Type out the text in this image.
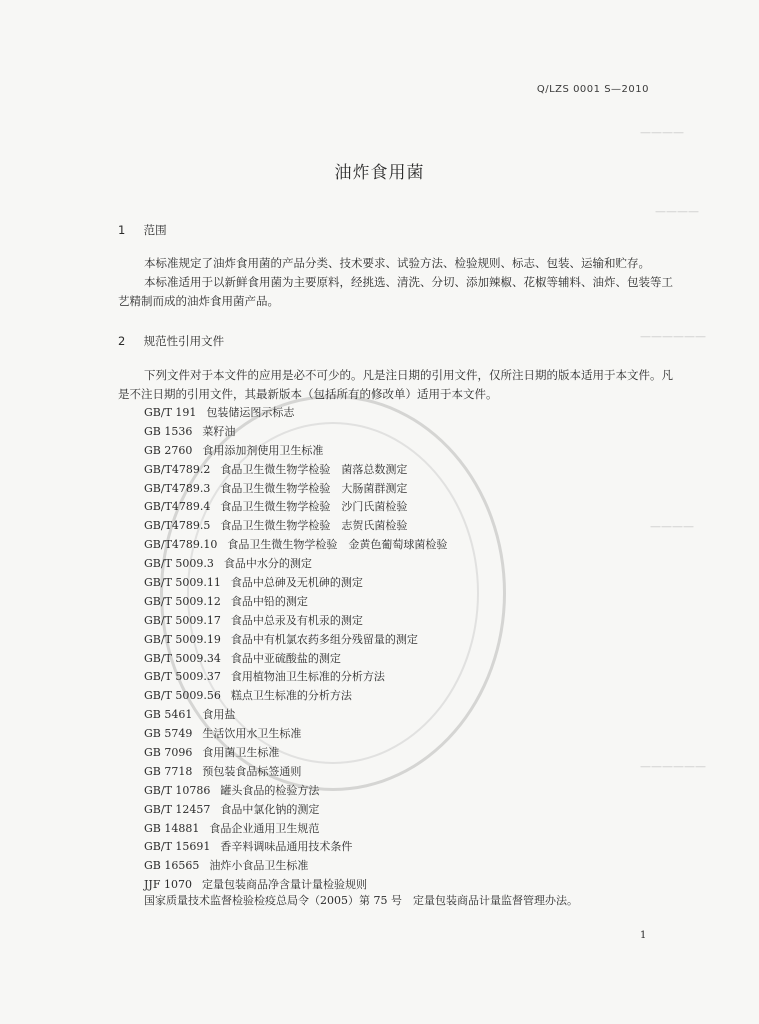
————
————
——————
————
——————
Q/LZS 0001 S—2010
油炸食用菌
1 范围
本标准规定了油炸食用菌的产品分类、技术要求、试验方法、检验规则、标志、包装、运输和贮存。
本标准适用于以新鲜食用菌为主要原料，经挑选、清洗、分切、添加辣椒、花椒等辅料、油炸、包装等工艺精制而成的油炸食用菌产品。
2 规范性引用文件
下列文件对于本文件的应用是必不可少的。凡是注日期的引用文件，仅所注日期的版本适用于本文件。凡是不注日期的引用文件，其最新版本（包括所有的修改单）适用于本文件。
GB/T 191 包装储运图示标志
GB 1536 菜籽油
GB 2760 食用添加剂使用卫生标准
GB/T4789.2 食品卫生微生物学检验　菌落总数测定
GB/T4789.3 食品卫生微生物学检验　大肠菌群测定
GB/T4789.4 食品卫生微生物学检验　沙门氏菌检验
GB/T4789.5 食品卫生微生物学检验　志贺氏菌检验
GB/T4789.10 食品卫生微生物学检验　金黄色葡萄球菌检验
GB/T 5009.3 食品中水分的测定
GB/T 5009.11 食品中总砷及无机砷的测定
GB/T 5009.12 食品中铅的测定
GB/T 5009.17 食品中总汞及有机汞的测定
GB/T 5009.19 食品中有机氯农药多组分残留量的测定
GB/T 5009.34 食品中亚硫酸盐的测定
GB/T 5009.37 食用植物油卫生标准的分析方法
GB/T 5009.56 糕点卫生标准的分析方法
GB 5461 食用盐
GB 5749 生活饮用水卫生标准
GB 7096 食用菌卫生标准
GB 7718 预包装食品标签通则
GB/T 10786 罐头食品的检验方法
GB/T 12457 食品中氯化钠的测定
GB 14881 食品企业通用卫生规范
GB/T 15691 香辛料调味品通用技术条件
GB 16565 油炸小食品卫生标准
JJF 1070 定量包装商品净含量计量检验规则
国家质量技术监督检验检疫总局令（2005）第 75 号　定量包装商品计量监督管理办法。
1
